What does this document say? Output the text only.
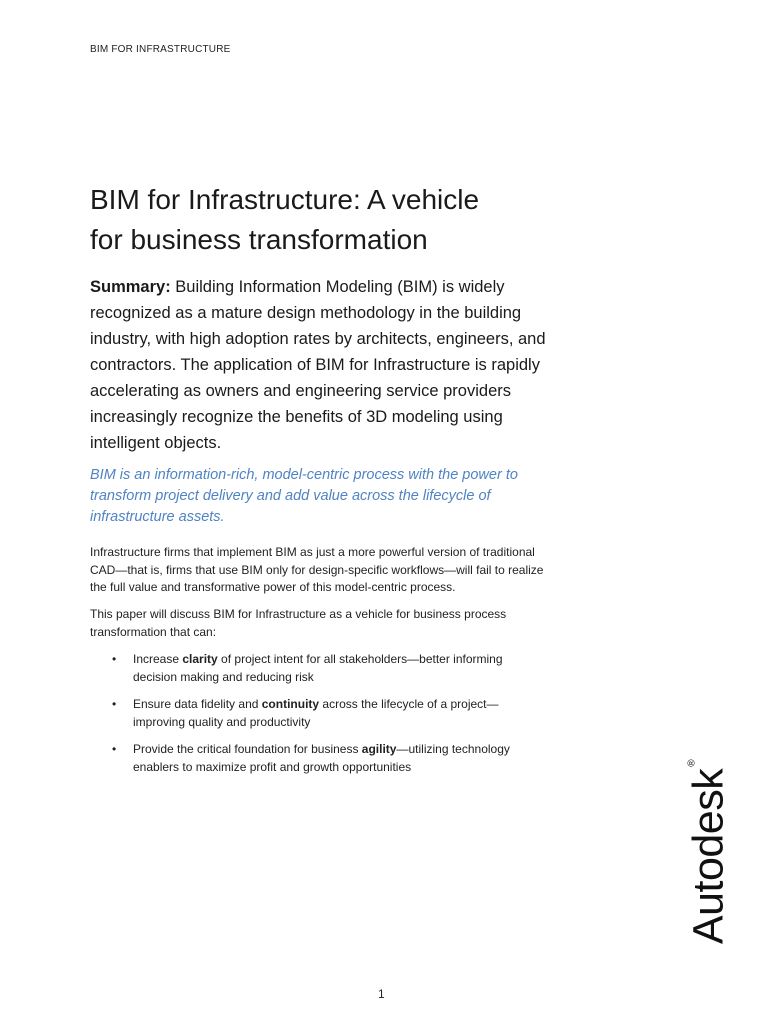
BIM FOR INFRASTRUCTURE
BIM for Infrastructure: A vehicle
for business transformation

Summary: Building Information Modeling (BIM) is widely recognized as a mature design methodology in the building industry, with high adoption rates by architects, engineers, and contractors. The application of BIM for Infrastructure is rapidly accelerating as owners and engineering service providers increasingly recognize the benefits of 3D modeling using intelligent objects.

BIM is an information-rich, model-centric process with the power to transform project delivery and add value across the lifecycle of infrastructure assets.

Infrastructure firms that implement BIM as just a more powerful version of traditional CAD—that is, firms that use BIM only for design-specific workflows—will fail to realize the full value and transformative power of this model-centric process.

This paper will discuss BIM for Infrastructure as a vehicle for business process transformation that can:

• Increase clarity of project intent for all stakeholders—better informing decision making and reducing risk
• Ensure data fidelity and continuity across the lifecycle of a project—improving quality and productivity
• Provide the critical foundation for business agility—utilizing technology enablers to maximize profit and growth opportunities
Autodesk®
1
